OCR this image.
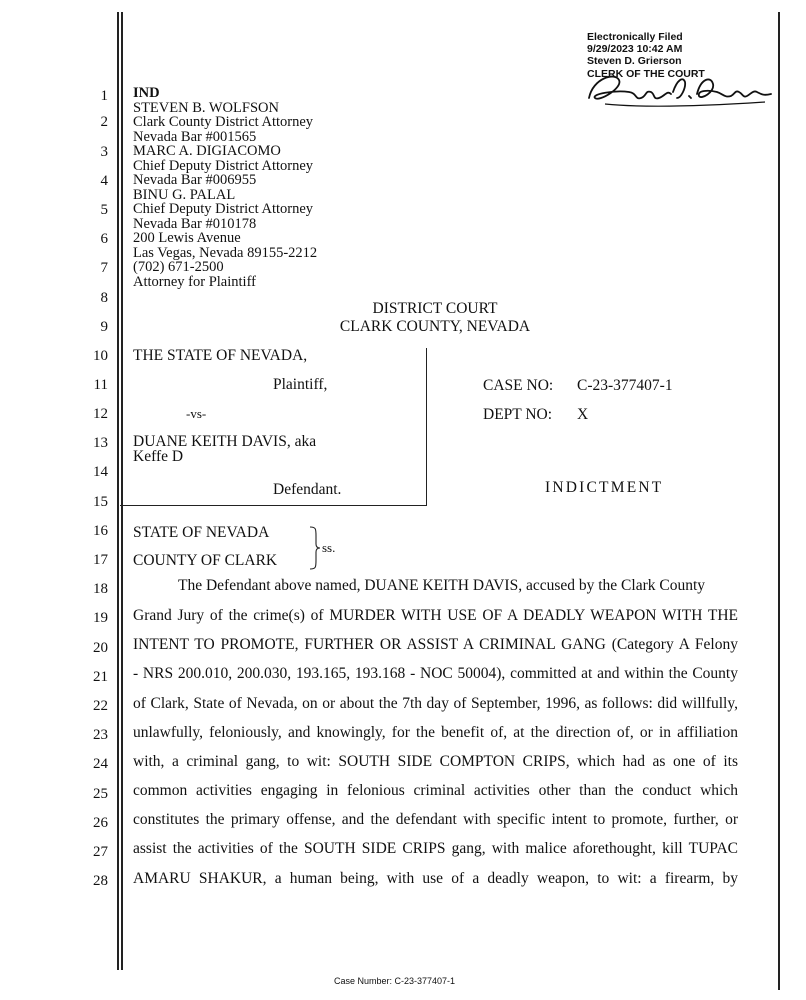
Electronically Filed
9/29/2023 10:42 AM
Steven D. Grierson
CLERK OF THE COURT
1
2
3
4
5
6
7
8
9
10
11
12
13
14
15
16
17
18
19
20
21
22
23
24
25
26
27
28
IND
STEVEN B. WOLFSON
Clark County District Attorney
Nevada Bar #001565
MARC A. DIGIACOMO
Chief Deputy District Attorney
Nevada Bar #006955
BINU G. PALAL
Chief Deputy District Attorney
Nevada Bar #010178
200 Lewis Avenue
Las Vegas, Nevada 89155-2212
(702) 671-2500
Attorney for Plaintiff
DISTRICT COURT
CLARK COUNTY, NEVADA
THE STATE OF NEVADA,
Plaintiff,
-vs-
DUANE KEITH DAVIS, aka
Keffe D
Defendant.
CASE NO: C-23-377407-1
DEPT NO: X
INDICTMENT
STATE OF NEVADA
COUNTY OF CLARK
ss.
The Defendant above named, DUANE KEITH DAVIS, accused by the Clark County
Grand Jury of the crime(s) of MURDER WITH USE OF A DEADLY WEAPON WITH THE
INTENT TO PROMOTE, FURTHER OR ASSIST A CRIMINAL GANG (Category A Felony
- NRS 200.010, 200.030, 193.165, 193.168 - NOC 50004), committed at and within the County
of Clark, State of Nevada, on or about the 7th day of September, 1996, as follows: did willfully,
unlawfully, feloniously, and knowingly, for the benefit of, at the direction of, or in affiliation
with, a criminal gang, to wit: SOUTH SIDE COMPTON CRIPS, which had as one of its
common activities engaging in felonious criminal activities other than the conduct which
constitutes the primary offense, and the defendant with specific intent to promote, further, or
assist the activities of the SOUTH SIDE CRIPS gang, with malice aforethought, kill TUPAC
AMARU SHAKUR, a human being, with use of a deadly weapon, to wit: a firearm, by
Case Number: C-23-377407-1
